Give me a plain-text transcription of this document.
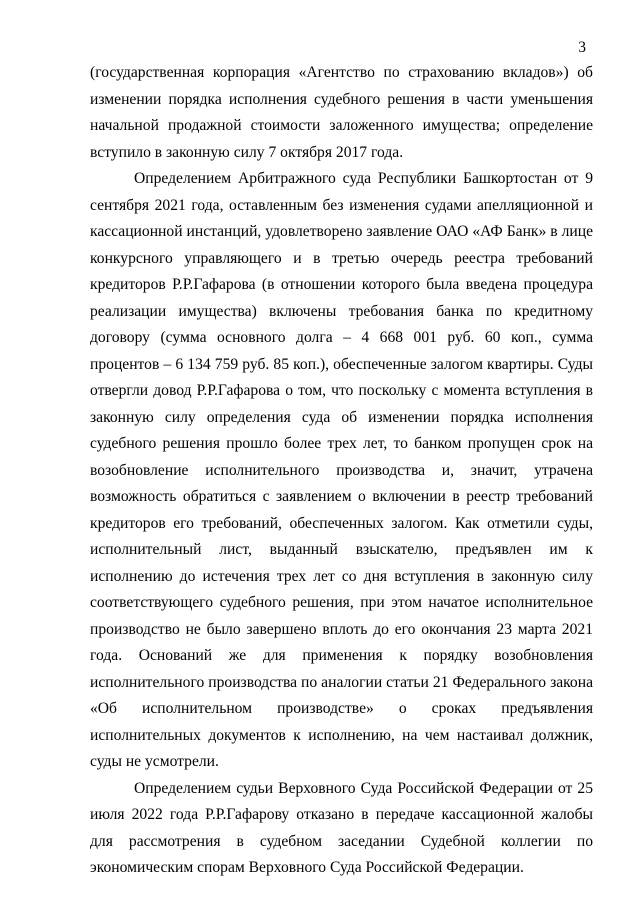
3

(государственная корпорация «Агентство по страхованию вкладов») об изменении порядка исполнения судебного решения в части уменьшения начальной продажной стоимости заложенного имущества; определение вступило в законную силу 7 октября 2017 года.

Определением Арбитражного суда Республики Башкортостан от 9 сентября 2021 года, оставленным без изменения судами апелляционной и кассационной инстанций, удовлетворено заявление ОАО «АФ Банк» в лице конкурсного управляющего и в третью очередь реестра требований кредиторов Р.Р.Гафарова (в отношении которого была введена процедура реализации имущества) включены требования банка по кредитному договору (сумма основного долга – 4 668 001 руб. 60 коп., сумма процентов – 6 134 759 руб. 85 коп.), обеспеченные залогом квартиры. Суды отвергли довод Р.Р.Гафарова о том, что поскольку с момента вступления в законную силу определения суда об изменении порядка исполнения судебного решения прошло более трех лет, то банком пропущен срок на возобновление исполнительного производства и, значит, утрачена возможность обратиться с заявлением о включении в реестр требований кредиторов его требований, обеспеченных залогом. Как отметили суды, исполнительный лист, выданный взыскателю, предъявлен им к исполнению до истечения трех лет со дня вступления в законную силу соответствующего судебного решения, при этом начатое исполнительное производство не было завершено вплоть до его окончания 23 марта 2021 года. Оснований же для применения к порядку возобновления исполнительного производства по аналогии статьи 21 Федерального закона «Об исполнительном производстве» о сроках предъявления исполнительных документов к исполнению, на чем настаивал должник, суды не усмотрели.

Определением судьи Верховного Суда Российской Федерации от 25 июля 2022 года Р.Р.Гафарову отказано в передаче кассационной жалобы для рассмотрения в судебном заседании Судебной коллегии по экономическим спорам Верховного Суда Российской Федерации.
